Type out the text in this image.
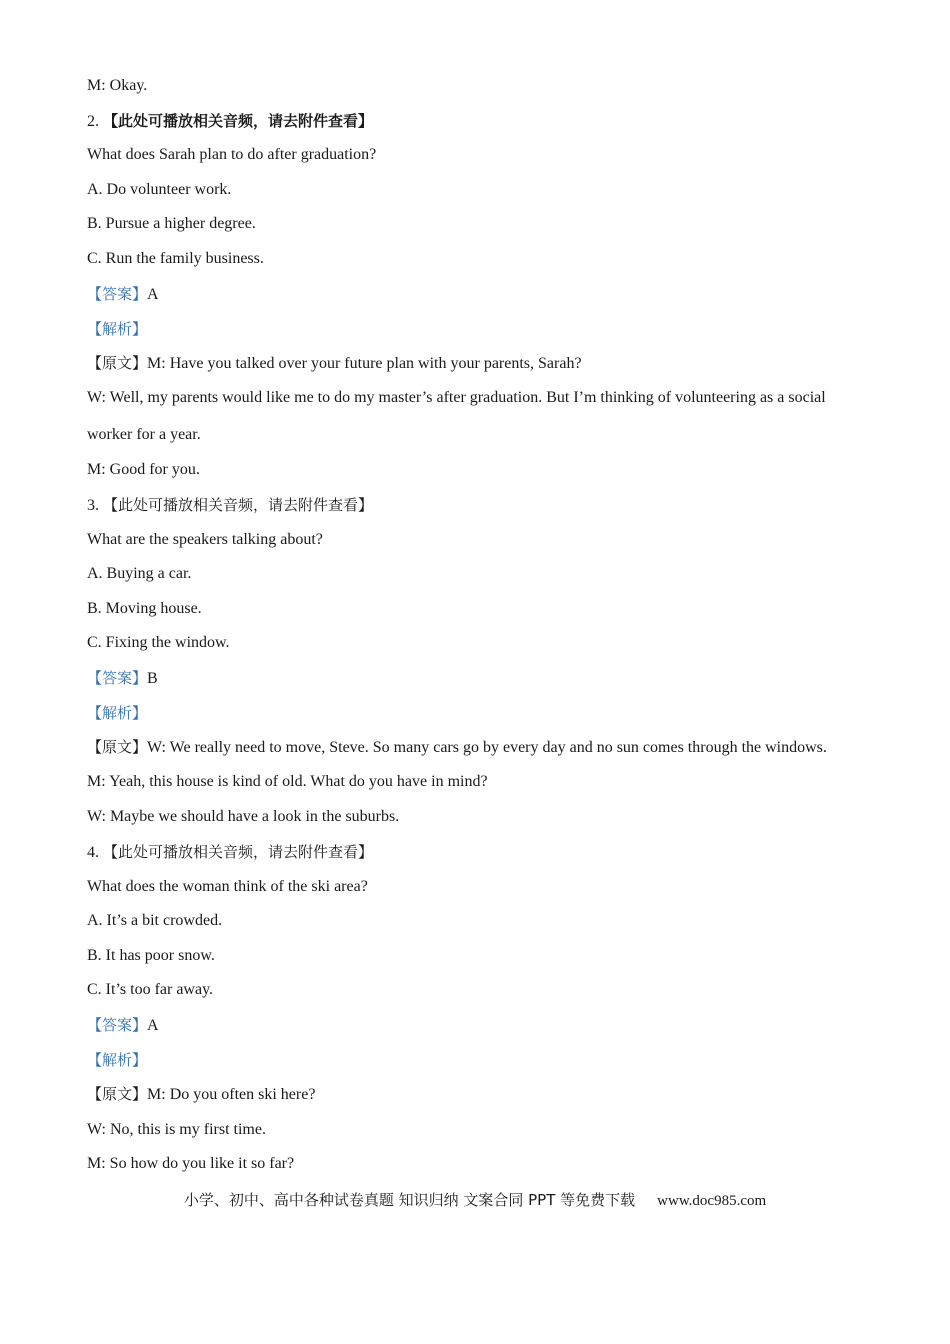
M: Okay.
2. 【此处可播放相关音频，请去附件查看】
What does Sarah plan to do after graduation?
A. Do volunteer work.
B. Pursue a higher degree.
C. Run the family business.
【答案】A
【解析】
【原文】M: Have you talked over your future plan with your parents, Sarah?
W: Well, my parents would like me to do my master’s after graduation. But I’m thinking of volunteering as a social
worker for a year.
M: Good for you.
3. 【此处可播放相关音频，请去附件查看】
What are the speakers talking about?
A. Buying a car.
B. Moving house.
C. Fixing the window.
【答案】B
【解析】
【原文】W: We really need to move, Steve. So many cars go by every day and no sun comes through the windows.
M: Yeah, this house is kind of old. What do you have in mind?
W: Maybe we should have a look in the suburbs.
4. 【此处可播放相关音频，请去附件查看】
What does the woman think of the ski area?
A. It’s a bit crowded.
B. It has poor snow.
C. It’s too far away.
【答案】A
【解析】
【原文】M: Do you often ski here?
W: No, this is my first time.
M: So how do you like it so far?
小学、初中、高中各种试卷真题 知识归纳 文案合同 PPT 等免费下载 www.doc985.com
